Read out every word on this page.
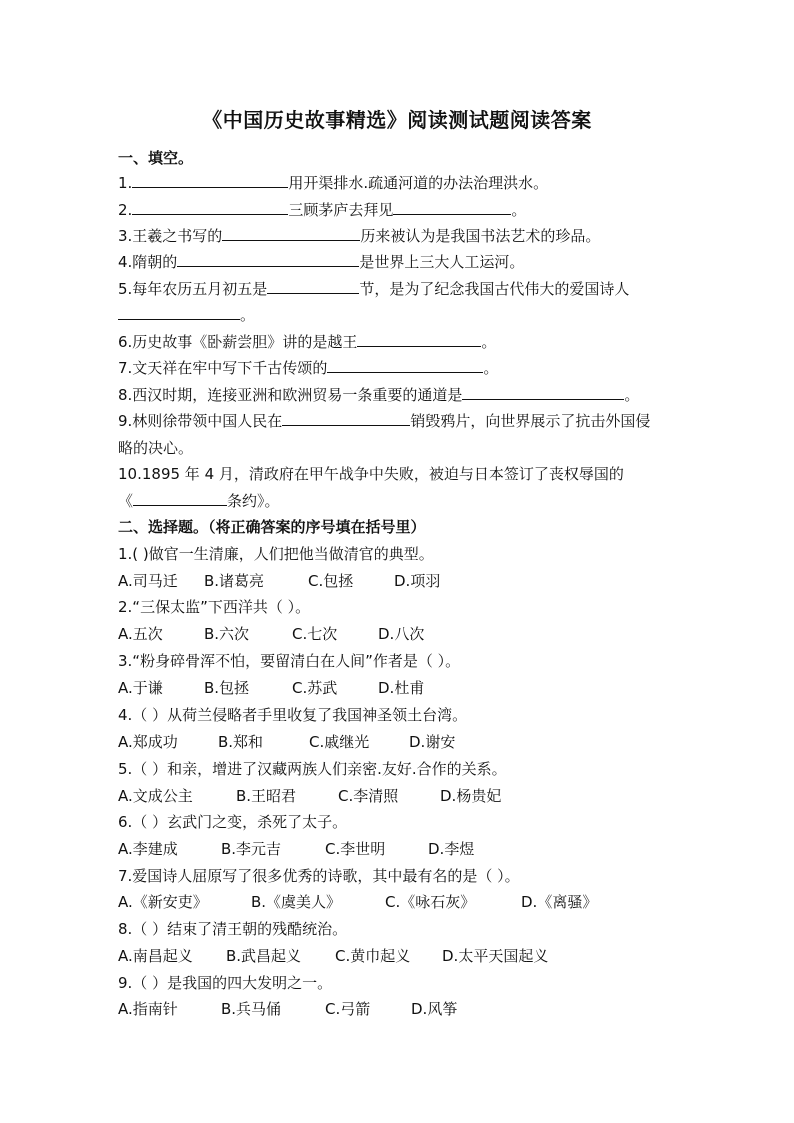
《中国历史故事精选》阅读测试题阅读答案
一、填空。
1.	用开渠排水.疏通河道的办法治理洪水。
2.	三顾茅庐去拜见	。
3.王羲之书写的	历来被认为是我国书法艺术的珍品。
4.隋朝的	是世界上三大人工运河。
5.每年农历五月初五是	节，是为了纪念我国古代伟大的爱国诗人
。
6.历史故事《卧薪尝胆》讲的是越王	。
7.文天祥在牢中写下千古传颂的	。
8.西汉时期，连接亚洲和欧洲贸易一条重要的通道是	。
9.林则徐带领中国人民在	销毁鸦片，向世界展示了抗击外国侵
略的决心。
10.1895 年 4 月，清政府在甲午战争中失败，被迫与日本签订了丧权辱国的
《	条约》。
二、选择题。（将正确答案的序号填在括号里）
1.( )做官一生清廉，人们把他当做清官的典型。
A.司马迁 B.诸葛亮	C.包拯	D.项羽
2.“三保太监”下西洋共（ ）。
A.五次	B.六次	C.七次	D.八次
3.“粉身碎骨浑不怕，要留清白在人间”作者是（ ）。
A.于谦	B.包拯	C.苏武	D.杜甫
4.（ ）从荷兰侵略者手里收复了我国神圣领土台湾。
A.郑成功	B.郑和	C.戚继光	D.谢安
5.（ ）和亲，增进了汉藏两族人们亲密.友好.合作的关系。
A.文成公主	B.王昭君	C.李清照	D.杨贵妃
6.（ ）玄武门之变，杀死了太子。
A.李建成	B.李元吉	C.李世明	D.李煜
7.爱国诗人屈原写了很多优秀的诗歌，其中最有名的是（ ）。
A.《新安吏》	B.《虞美人》	C.《咏石灰》	D.《离骚》
8.（ ）结束了清王朝的残酷统治。
A.南昌起义 B.武昌起义 C.黄巾起义 D.太平天国起义
9.（ ）是我国的四大发明之一。
A.指南针	B.兵马俑	C.弓箭	D.风筝
